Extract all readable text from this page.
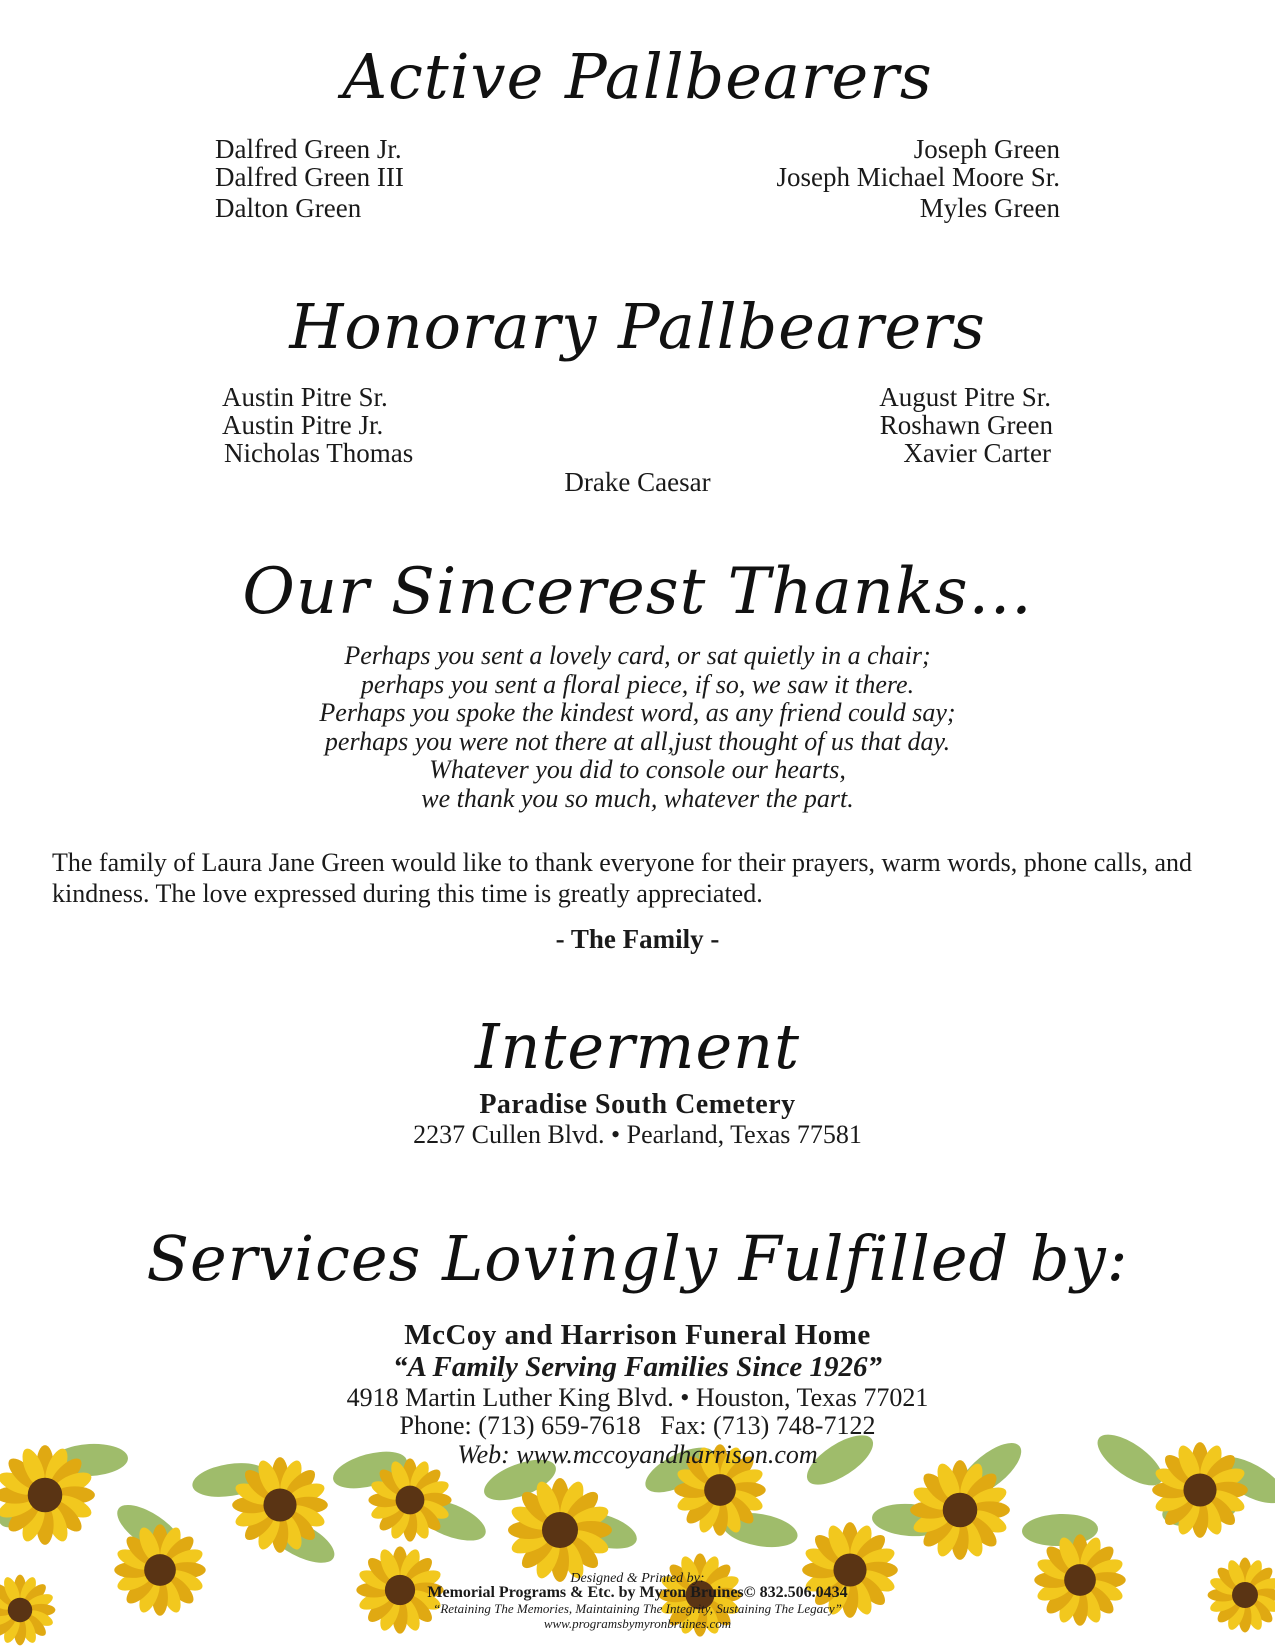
Active Pallbearers
Dalfred Green Jr.
Dalfred Green III
Dalton Green
Joseph Green
Joseph Michael Moore Sr.
Myles Green
Honorary Pallbearers
Austin Pitre Sr.
Austin Pitre Jr.
Nicholas Thomas
August Pitre Sr.
Roshawn Green
Xavier Carter
Drake Caesar
Our Sincerest Thanks...
Perhaps you sent a lovely card, or sat quietly in a chair;
perhaps you sent a floral piece, if so, we saw it there.
Perhaps you spoke the kindest word, as any friend could say;
perhaps you were not there at all,just thought of us that day.
Whatever you did to console our hearts,
we thank you so much, whatever the part.
The family of Laura Jane Green would like to thank everyone for their prayers, warm words, phone calls, and kindness. The love expressed during this time is greatly appreciated.
- The Family -
Interment
Paradise South Cemetery
2237 Cullen Blvd. • Pearland, Texas 77581
Services Lovingly Fulfilled by:
McCoy and Harrison Funeral Home
“A Family Serving Families Since 1926”
4918 Martin Luther King Blvd. • Houston, Texas 77021
Phone: (713) 659-7618   Fax: (713) 748-7122
Web: www.mccoyandharrison.com
Designed & Printed by:
Memorial Programs & Etc. by Myron Bruines© 832.506.0434
“Retaining The Memories, Maintaining The Integrity, Sustaining The Legacy”
www.programsbymyronbruines.com
